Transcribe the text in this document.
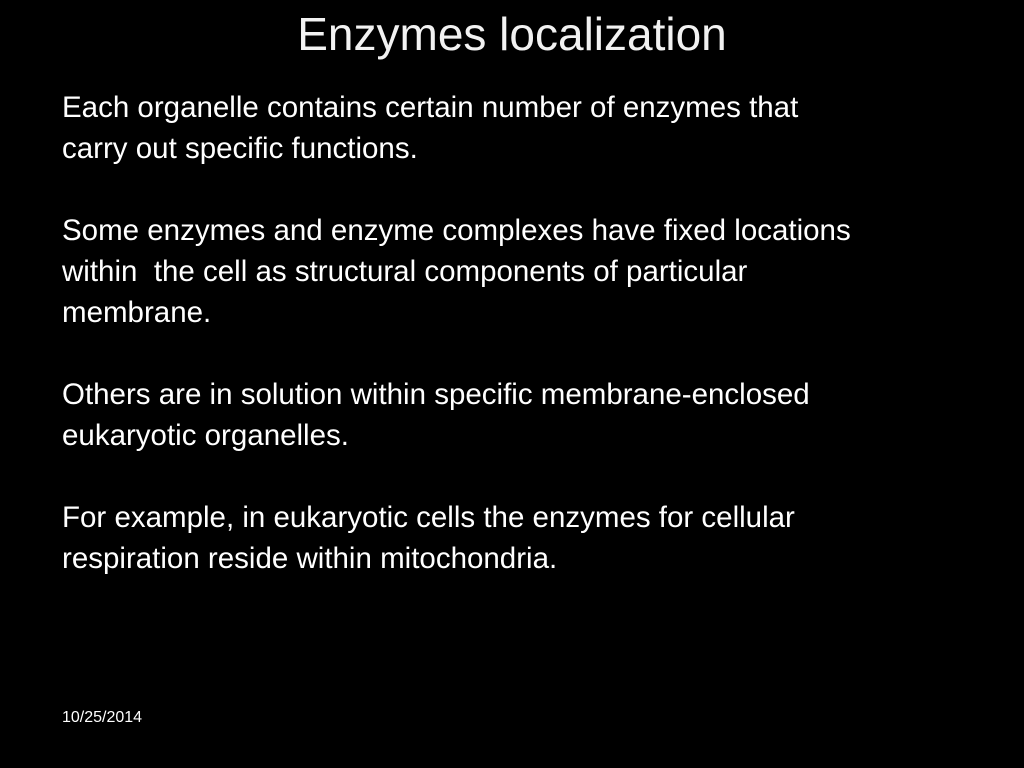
Enzymes localization

Each organelle contains certain number of enzymes that
carry out specific functions.

Some enzymes and enzyme complexes have fixed locations
within  the cell as structural components of particular
membrane.

Others are in solution within specific membrane-enclosed
eukaryotic organelles.

For example, in eukaryotic cells the enzymes for cellular
respiration reside within mitochondria.

10/25/2014
